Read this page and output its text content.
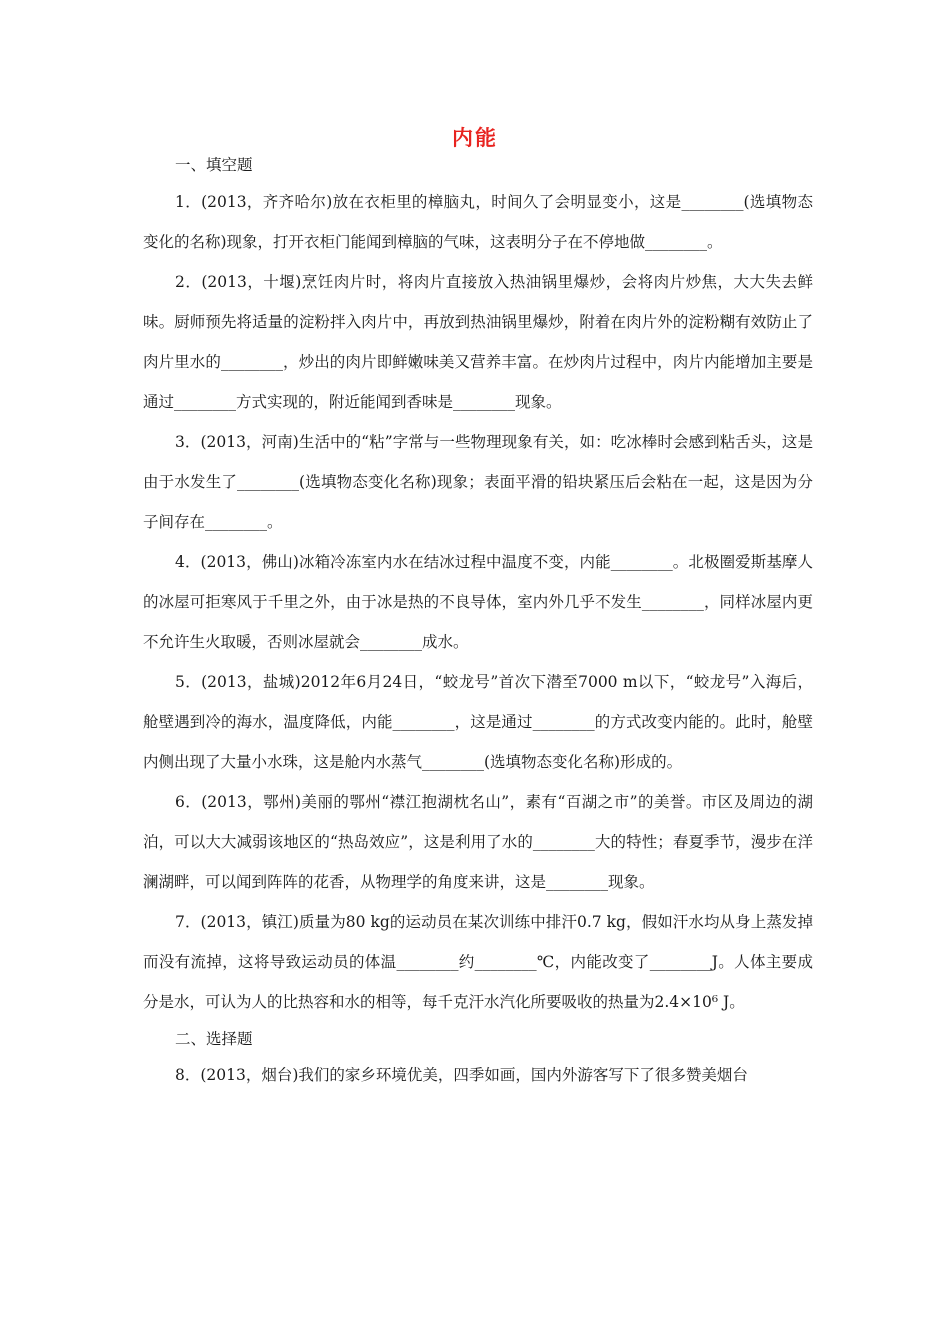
内能
一、填空题
1．(2013，齐齐哈尔)放在衣柜里的樟脑丸，时间久了会明显变小，这是________(选填物态变化的名称)现象，打开衣柜门能闻到樟脑的气味，这表明分子在不停地做________。
2．(2013，十堰)烹饪肉片时，将肉片直接放入热油锅里爆炒，会将肉片炒焦，大大失去鲜味。厨师预先将适量的淀粉拌入肉片中，再放到热油锅里爆炒，附着在肉片外的淀粉糊有效防止了肉片里水的________，炒出的肉片即鲜嫩味美又营养丰富。在炒肉片过程中，肉片内能增加主要是通过________方式实现的，附近能闻到香味是________现象。
3．(2013，河南)生活中的“粘”字常与一些物理现象有关，如：吃冰棒时会感到粘舌头，这是由于水发生了________(选填物态变化名称)现象；表面平滑的铅块紧压后会粘在一起，这是因为分子间存在________。
4．(2013，佛山)冰箱冷冻室内水在结冰过程中温度不变，内能________。北极圈爱斯基摩人的冰屋可拒寒风于千里之外，由于冰是热的不良导体，室内外几乎不发生________，同样冰屋内更不允许生火取暖，否则冰屋就会________成水。
5．(2013，盐城)2012年6月24日，“蛟龙号”首次下潜至7000 m以下，“蛟龙号”入海后，舱壁遇到冷的海水，温度降低，内能________，这是通过________的方式改变内能的。此时，舱壁内侧出现了大量小水珠，这是舱内水蒸气________(选填物态变化名称)形成的。
6．(2013，鄂州)美丽的鄂州“襟江抱湖枕名山”，素有“百湖之市”的美誉。市区及周边的湖泊，可以大大减弱该地区的“热岛效应”，这是利用了水的________大的特性；春夏季节，漫步在洋澜湖畔，可以闻到阵阵的花香，从物理学的角度来讲，这是________现象。
7．(2013，镇江)质量为80 kg的运动员在某次训练中排汗0.7 kg，假如汗水均从身上蒸发掉而没有流掉，这将导致运动员的体温________约________℃，内能改变了________J。人体主要成分是水，可认为人的比热容和水的相等，每千克汗水汽化所要吸收的热量为2.4×10⁶ J。
二、选择题
8．(2013，烟台)我们的家乡环境优美，四季如画，国内外游客写下了很多赞美烟台
